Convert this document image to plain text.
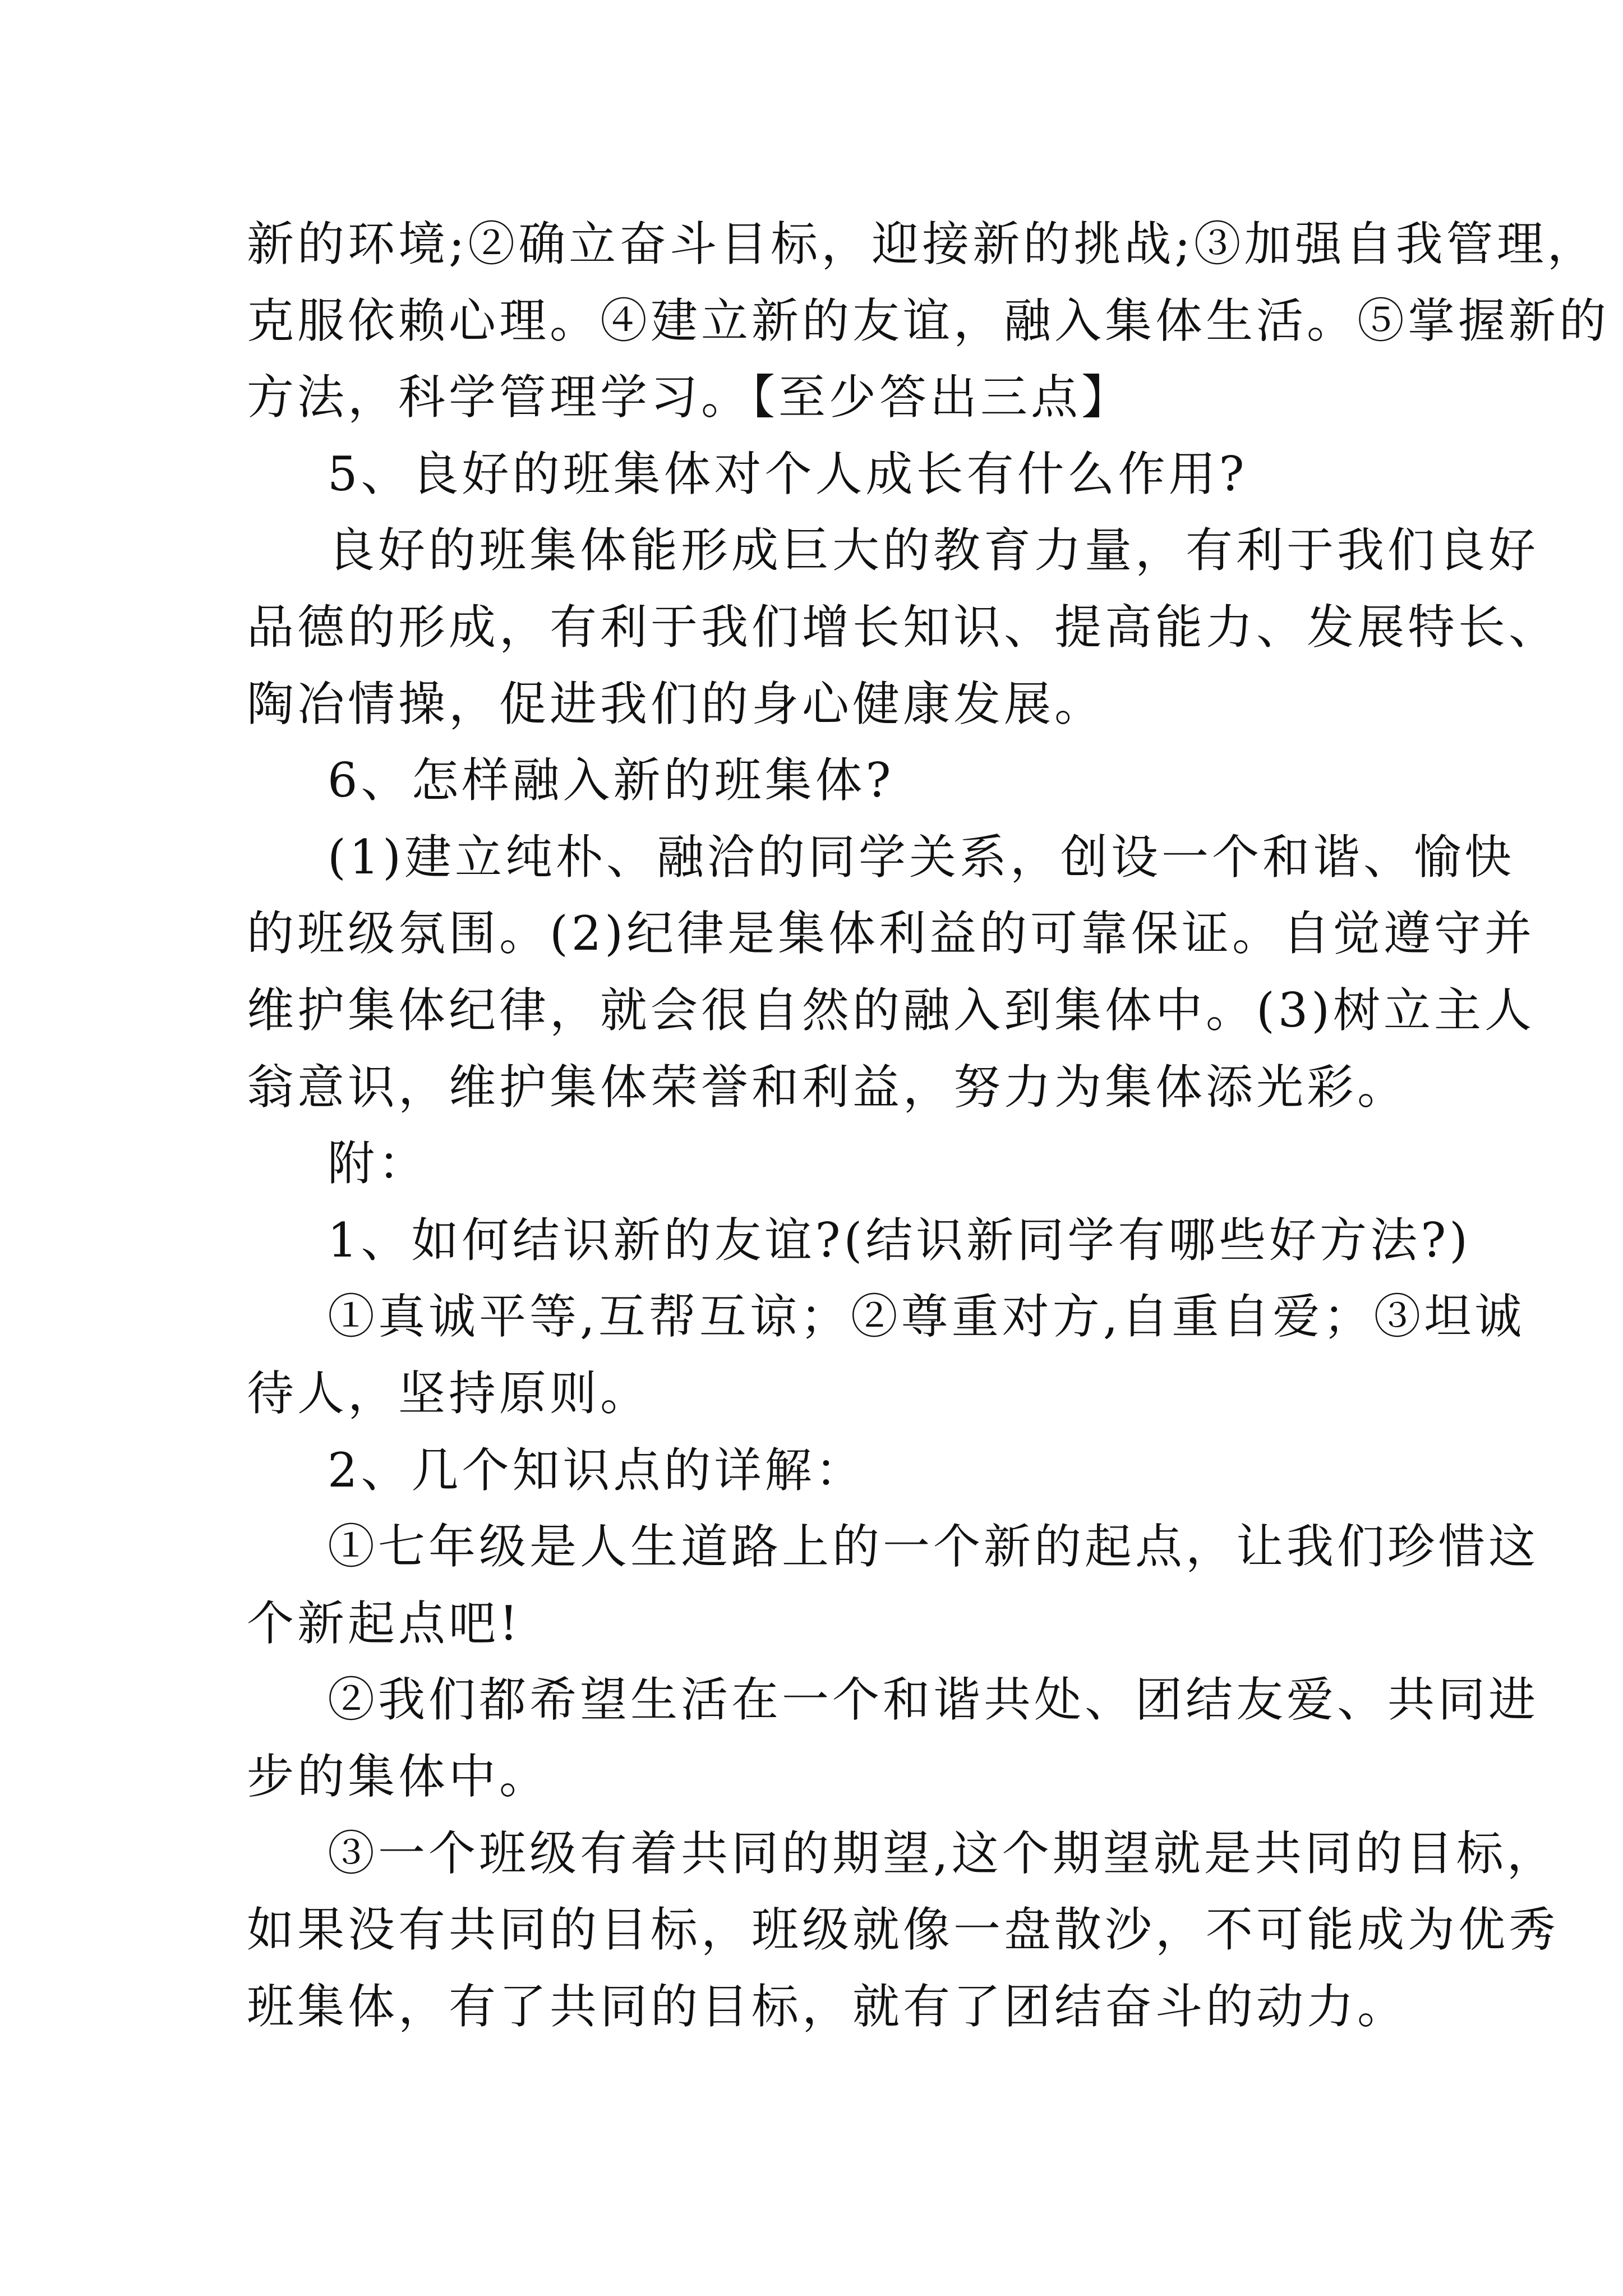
新的环境;②确立奋斗目标，迎接新的挑战;③加强自我管理，
克服依赖心理。④建立新的友谊，融入集体生活。⑤掌握新的
方法，科学管理学习。【至少答出三点】
5、良好的班集体对个人成长有什么作用?
良好的班集体能形成巨大的教育力量，有利于我们良好
品德的形成，有利于我们增长知识、提高能力、发展特长、
陶冶情操，促进我们的身心健康发展。
6、怎样融入新的班集体?
(1)建立纯朴、融洽的同学关系，创设一个和谐、愉快
的班级氛围。(2)纪律是集体利益的可靠保证。自觉遵守并
维护集体纪律，就会很自然的融入到集体中。(3)树立主人
翁意识，维护集体荣誉和利益，努力为集体添光彩。
附：
1、如何结识新的友谊?(结识新同学有哪些好方法?)
①真诚平等,互帮互谅；②尊重对方,自重自爱；③坦诚
待人，坚持原则。
2、几个知识点的详解：
①七年级是人生道路上的一个新的起点，让我们珍惜这
个新起点吧!
②我们都希望生活在一个和谐共处、团结友爱、共同进
步的集体中。
③一个班级有着共同的期望,这个期望就是共同的目标，
如果没有共同的目标，班级就像一盘散沙，不可能成为优秀
班集体，有了共同的目标，就有了团结奋斗的动力。
